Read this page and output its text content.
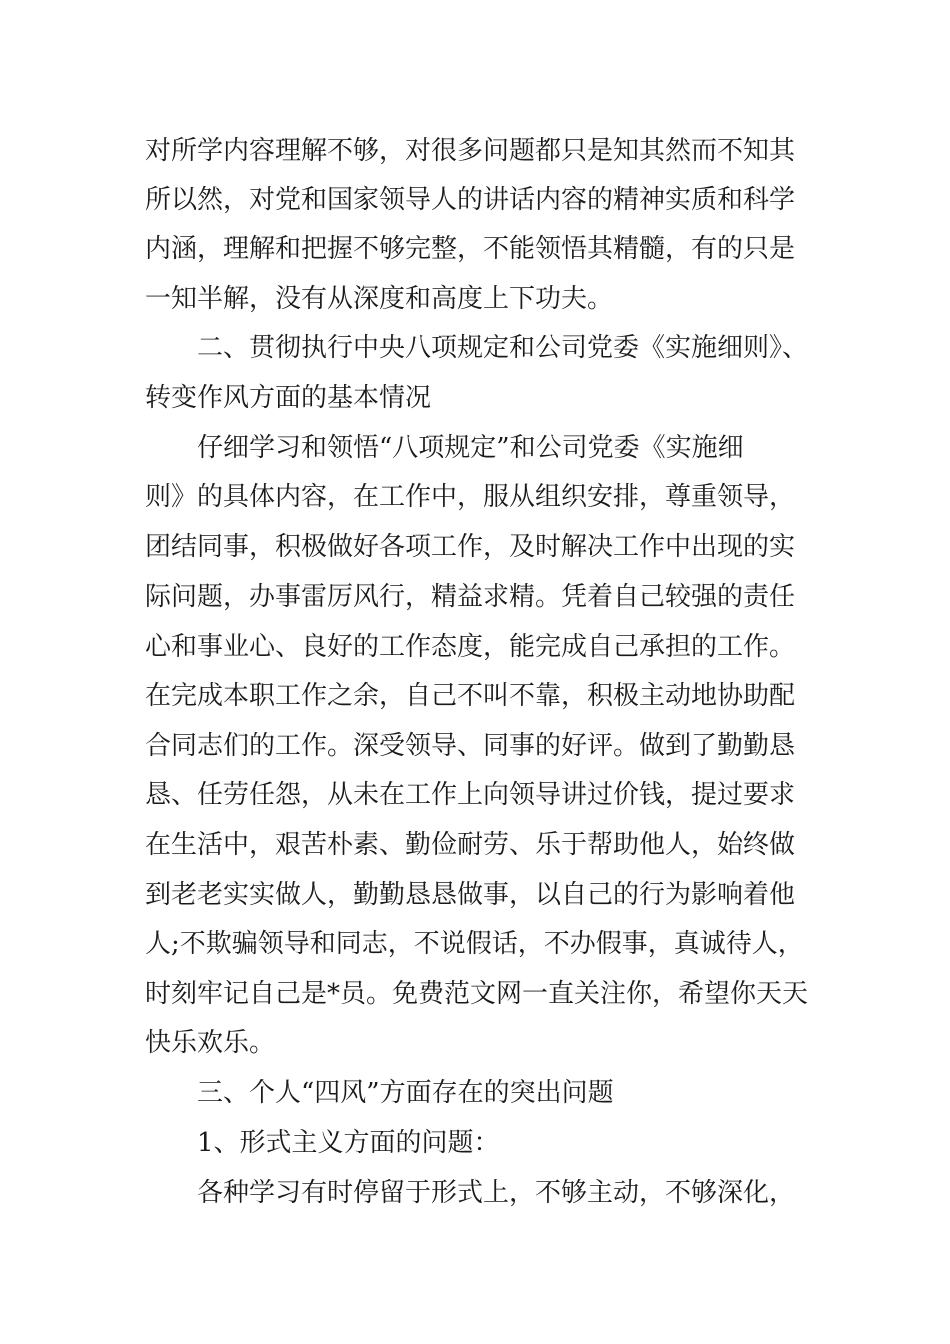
对所学内容理解不够，对很多问题都只是知其然而不知其
所以然，对党和国家领导人的讲话内容的精神实质和科学
内涵，理解和把握不够完整，不能领悟其精髓，有的只是
一知半解，没有从深度和高度上下功夫。
二、贯彻执行中央八项规定和公司党委《实施细则》、
转变作风方面的基本情况
仔细学习和领悟“八项规定”和公司党委《实施细
则》的具体内容，在工作中，服从组织安排，尊重领导，
团结同事，积极做好各项工作，及时解决工作中出现的实
际问题，办事雷厉风行，精益求精。凭着自己较强的责任
心和事业心、良好的工作态度，能完成自己承担的工作。
在完成本职工作之余，自己不叫不靠，积极主动地协助配
合同志们的工作。深受领导、同事的好评。做到了勤勤恳
恳、任劳任怨，从未在工作上向领导讲过价钱，提过要求
在生活中，艰苦朴素、勤俭耐劳、乐于帮助他人，始终做
到老老实实做人，勤勤恳恳做事，以自己的行为影响着他
人;不欺骗领导和同志，不说假话，不办假事，真诚待人，
时刻牢记自己是*员。免费范文网一直关注你，希望你天天
快乐欢乐。
三、个人“四风”方面存在的突出问题
1、形式主义方面的问题：
各种学习有时停留于形式上，不够主动，不够深化，
